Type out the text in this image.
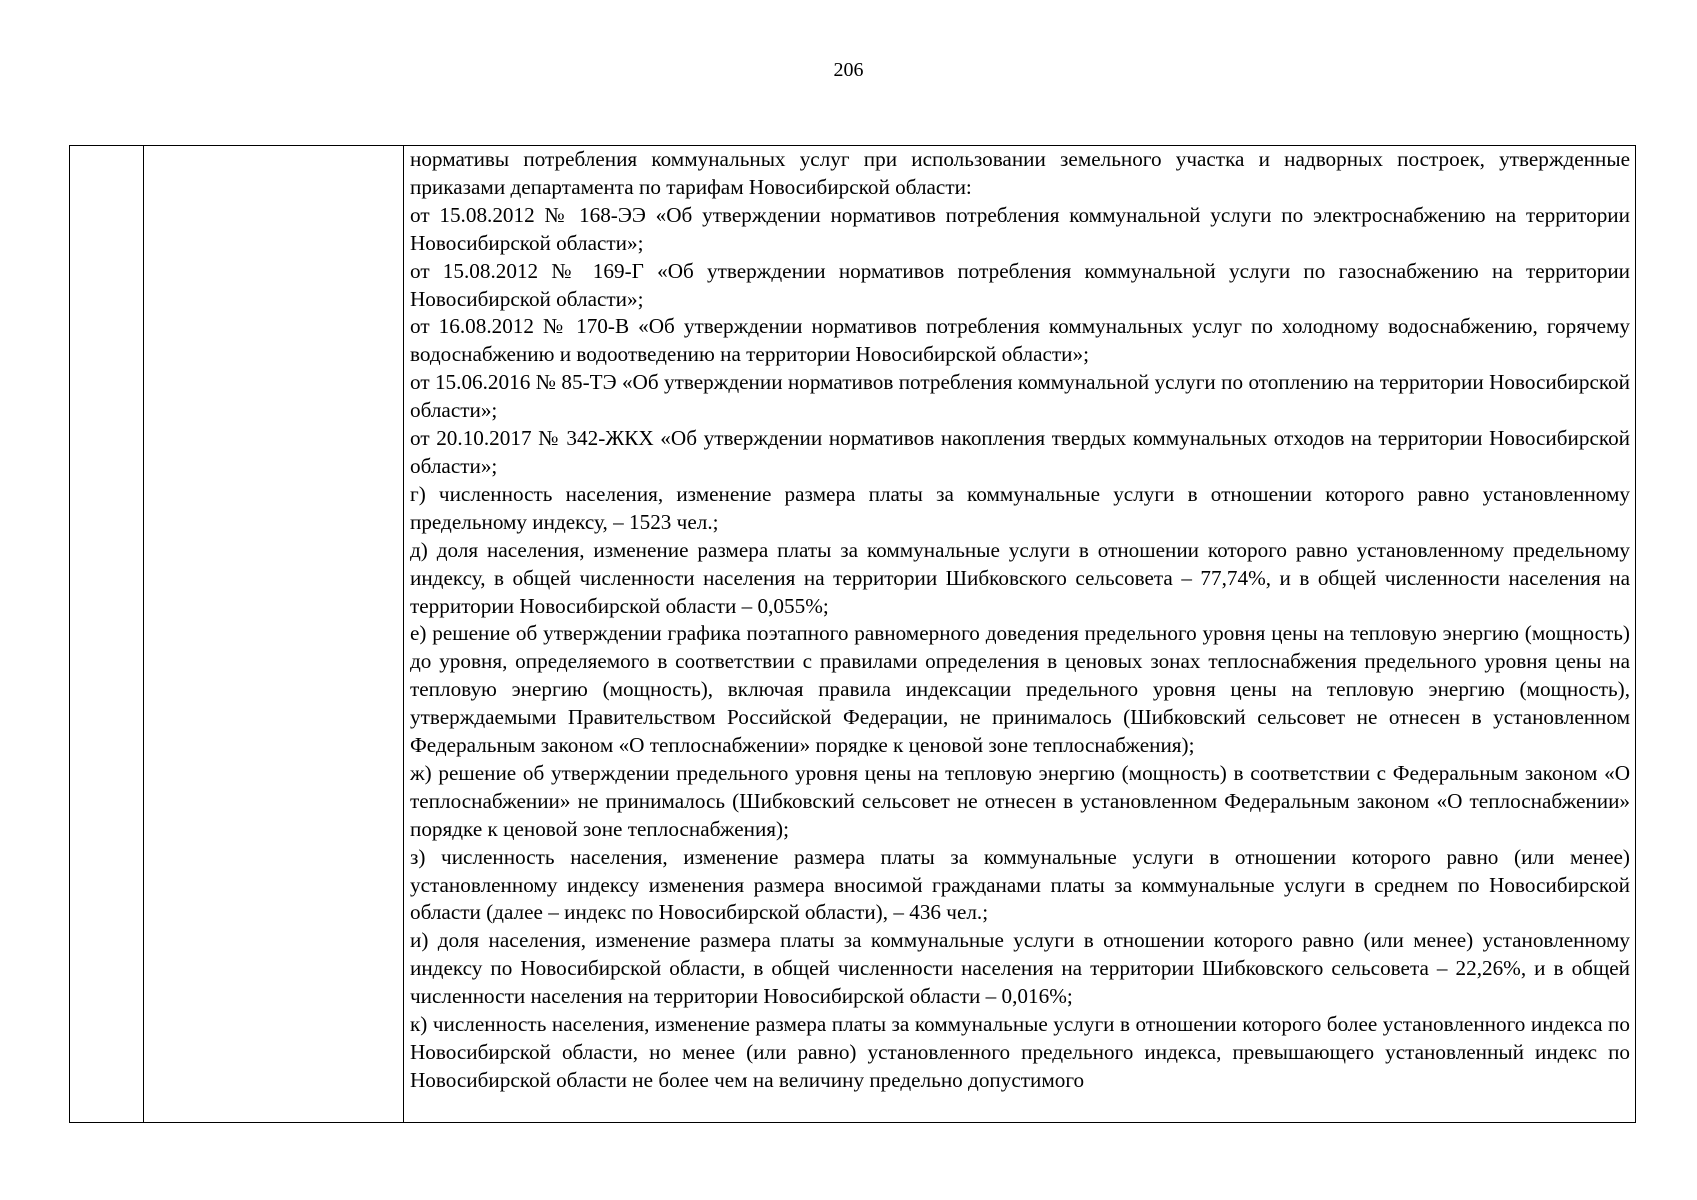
206

нормативы потребления коммунальных услуг при использовании земельного участка и надворных построек, утвержденные приказами департамента по тарифам Новосибирской области:

от 15.08.2012 № 168-ЭЭ «Об утверждении нормативов потребления коммунальной услуги по электроснабжению на территории Новосибирской области»;

от 15.08.2012 № 169-Г «Об утверждении нормативов потребления коммунальной услуги по газоснабжению на территории Новосибирской области»;

от 16.08.2012 № 170-В «Об утверждении нормативов потребления коммунальных услуг по холодному водоснабжению, горячему водоснабжению и водоотведению на территории Новосибирской области»;

от 15.06.2016 № 85-ТЭ «Об утверждении нормативов потребления коммунальной услуги по отоплению на территории Новосибирской области»;

от 20.10.2017 № 342-ЖКХ «Об утверждении нормативов накопления твердых коммунальных отходов на территории Новосибирской области»;

г) численность населения, изменение размера платы за коммунальные услуги в отношении которого равно установленному предельному индексу, – 1523 чел.;

д) доля населения, изменение размера платы за коммунальные услуги в отношении которого равно установленному предельному индексу, в общей численности населения на территории Шибковского сельсовета – 77,74%, и в общей численности населения на территории Новосибирской области – 0,055%;

е) решение об утверждении графика поэтапного равномерного доведения предельного уровня цены на тепловую энергию (мощность) до уровня, определяемого в соответствии с правилами определения в ценовых зонах теплоснабжения предельного уровня цены на тепловую энергию (мощность), включая правила индексации предельного уровня цены на тепловую энергию (мощность), утверждаемыми Правительством Российской Федерации, не принималось (Шибковский сельсовет не отнесен в установленном Федеральным законом «О теплоснабжении» порядке к ценовой зоне теплоснабжения);

ж) решение об утверждении предельного уровня цены на тепловую энергию (мощность) в соответствии с Федеральным законом «О теплоснабжении» не принималось (Шибковский сельсовет не отнесен в установленном Федеральным законом «О теплоснабжении» порядке к ценовой зоне теплоснабжения);

з) численность населения, изменение размера платы за коммунальные услуги в отношении которого равно (или менее) установленному индексу изменения размера вносимой гражданами платы за коммунальные услуги в среднем по Новосибирской области (далее – индекс по Новосибирской области), – 436 чел.;

и) доля населения, изменение размера платы за коммунальные услуги в отношении которого равно (или менее) установленному индексу по Новосибирской области, в общей численности населения на территории Шибковского сельсовета – 22,26%, и в общей численности населения на территории Новосибирской области – 0,016%;

к) численность населения, изменение размера платы за коммунальные услуги в отношении которого более установленного индекса по Новосибирской области, но менее (или равно) установленного предельного индекса, превышающего установленный индекс по Новосибирской области не более чем на величину предельно допустимого
